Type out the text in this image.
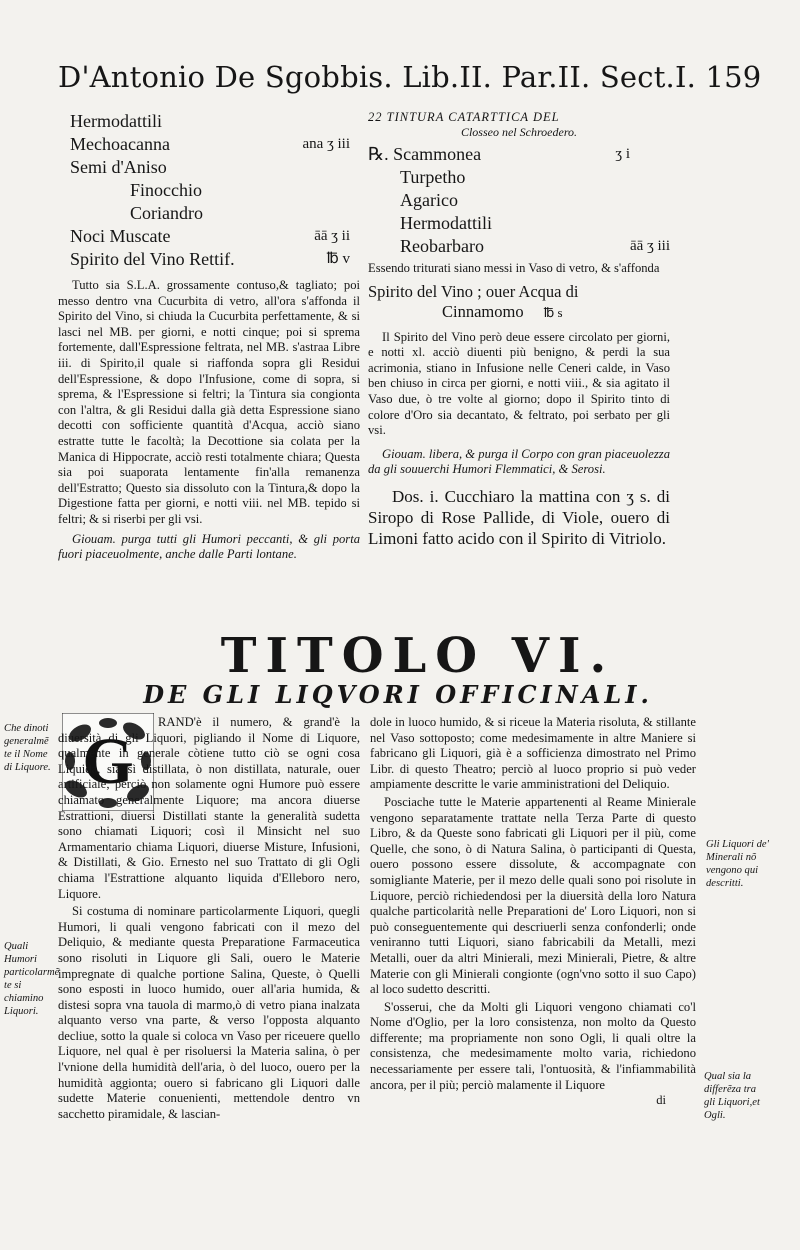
D'Antonio De Sgobbis. Lib.II. Par.II. Sect.I. 159
Hermodattili
Mechoacanna	ana ʒ iii
Semi d'Aniso
Finocchio
Coriandro
Noci Muscate	āā ʒ ii
Spirito del Vino Rettif.	℔ v

Tutto sia S.L.A. grossamente contuso,& tagliato; poi messo dentro vna Cucurbita di vetro, all'ora s'affonda il Spirito del Vino, si chiuda la Cucurbita perfettamente, & si lasci nel MB. per giorni, e notti cinque; poi si sprema fortemente, dall'Espressione feltrata, nel MB. s'astraa Libre iii. di Spirito,il quale si riaffonda sopra gli Residui dell'Espressione, & dopo l'Infusione, come di sopra, si sprema, & l'Espressione si feltri; la Tintura sia congionta con l'altra, & gli Residui dalla già detta Espressione siano decotti con sofficiente quantità d'Acqua, acciò siano estratte tutte le facoltà; la Decottione sia colata per la Manica di Hippocrate, acciò resti totalmente chiara; Questa sia poi suaporata lentamente fin'alla remanenza dell'Estratto; Questo sia dissoluto con la Tintura,& dopo la Digestione fatta per giorni, e notti viii. nel MB. tepido si feltri; & si riserbi per gli vsi.

Giouam. purga tutti gli Humori peccanti, & gli porta fuori piaceuolmente, anche dalle Parti lontane.

22 TINTURA CATARTTICA DEL
Closseo nel Schroedero.
℞. Scammonea	ʒ i
Turpetho
Agarico
Hermodattili
Reobarbaro	āā ʒ iii

Essendo triturati siano messi in Vaso di vetro, & s'affonda

Spirito del Vino ; ouer Acqua di
Cinnamomo ℔ s

Il Spirito del Vino però deue essere circolato per giorni, e notti xl. acciò diuenti più benigno, & perdi la sua acrimonia, stiano in Infusione nelle Ceneri calde, in Vaso ben chiuso in circa per giorni, e notti viii., & sia agitato il Vaso due, ò tre volte al giorno; dopo il Spirito tinto di colore d'Oro sia decantato, & feltrato, poi serbato per gli vsi.

Giouam. libera, & purga il Corpo con gran piaceuolezza da gli souuerchi Humori Flemmatici, & Serosi.

Dos. i. Cucchiaro la mattina con ʒ s. di Siropo di Rose Pallide, di Viole, ouero di Limoni fatto acido con il Spirito di Vitriolo.

TITOLO VI.
DE GLI LIQVORI OFFICINALI.
G
Che dinoti generalmẽ te il Nome di Liquore.
Quali Humori particolarmẽ te si chiamino Liquori.
Gli Liquori de' Minerali nõ vengono qui descritti.
Qual sia la differẽza tra gli Liquori,et Ogli.

RAND'è il numero, & grand'è la diuersità di gli Liquori, pigliando il Nome di Liquore, qualmente in generale còtiene tutto ciò se ogni cosa Liquida, sia sì distillata, ò non distillata, naturale, ouer artificiale; perciò non solamente ogni Humore può essere chiamato generalmente Liquore; ma ancora diuerse Estrattioni, diuersi Distillati stante la generalità sudetta sono chiamati Liquori; così il Minsicht nel suo Armamentario chiama Liquori, diuerse Misture, Infusioni, & Distillati, & Gio. Ernesto nel suo Trattato di gli Ogli chiama l'Estrattione alquanto liquida d'Elleboro nero, Liquore.

Si costuma di nominare particolarmente Liquori, quegli Humori, li quali vengono fabricati con il mezo del Deliquio, & mediante questa Preparatione Farmaceutica sono risoluti in Liquore gli Sali, ouero le Materie impregnate di qualche portione Salina, Queste, ò Quelli sono esposti in luoco humido, ouer all'aria humida, & distesi sopra vna tauola di marmo,ò di vetro piana inalzata alquanto verso vna parte, & verso l'opposta alquanto decliue, sotto la quale si coloca vn Vaso per riceuere quello Liquore, nel qual è per risoluersi la Materia salina, ò per l'vnione della humidità dell'aria, ò del luoco, ouero per la humidità aggionta; ouero si fabricano gli Liquori dalle sudette Materie conuenienti, mettendole dentro vn sacchetto piramidale, & lascian-

dole in luoco humido, & si riceue la Materia risoluta, & stillante nel Vaso sottoposto; come medesimamente in altre Maniere si fabricano gli Liquori, già è a sofficienza dimostrato nel Primo Libr. di questo Theatro; perciò al luoco proprio si può veder ampiamente descritte le varie amministrationi del Deliquio.

Posciache tutte le Materie appartenenti al Reame Minierale vengono separatamente trattate nella Terza Parte di questo Libro, & da Queste sono fabricati gli Liquori per il più, come Quelle, che sono, ò di Natura Salina, ò participanti di Questa, ouero possono essere dissolute, & accompagnate con somigliante Materie, per il mezo delle quali sono poi risolute in Liquore, perciò richiedendosi per la diuersità della loro Natura qualche particolarità nelle Preparationi de' Loro Liquori, non si può conseguentemente qui descriuerli senza confonderli; onde veniranno tutti Liquori, siano fabricabili da Metalli, mezi Metalli, ouer da altri Minierali, mezi Minierali, Pietre, & altre Materie con gli Minierali congionte (ogn'vno sotto il suo Capo) al loco sudetto descritti.

S'osserui, che da Molti gli Liquori vengono chiamati co'l Nome d'Oglio, per la loro consistenza, non molto da Questo differente; ma propriamente non sono Ogli, li quali oltre la consistenza, che medesimamente molto varia, richiedono necessariamente per essere tali, l'ontuosità, & l'infiammabilità ancora, per il più; perciò malamente il Liquore

di
